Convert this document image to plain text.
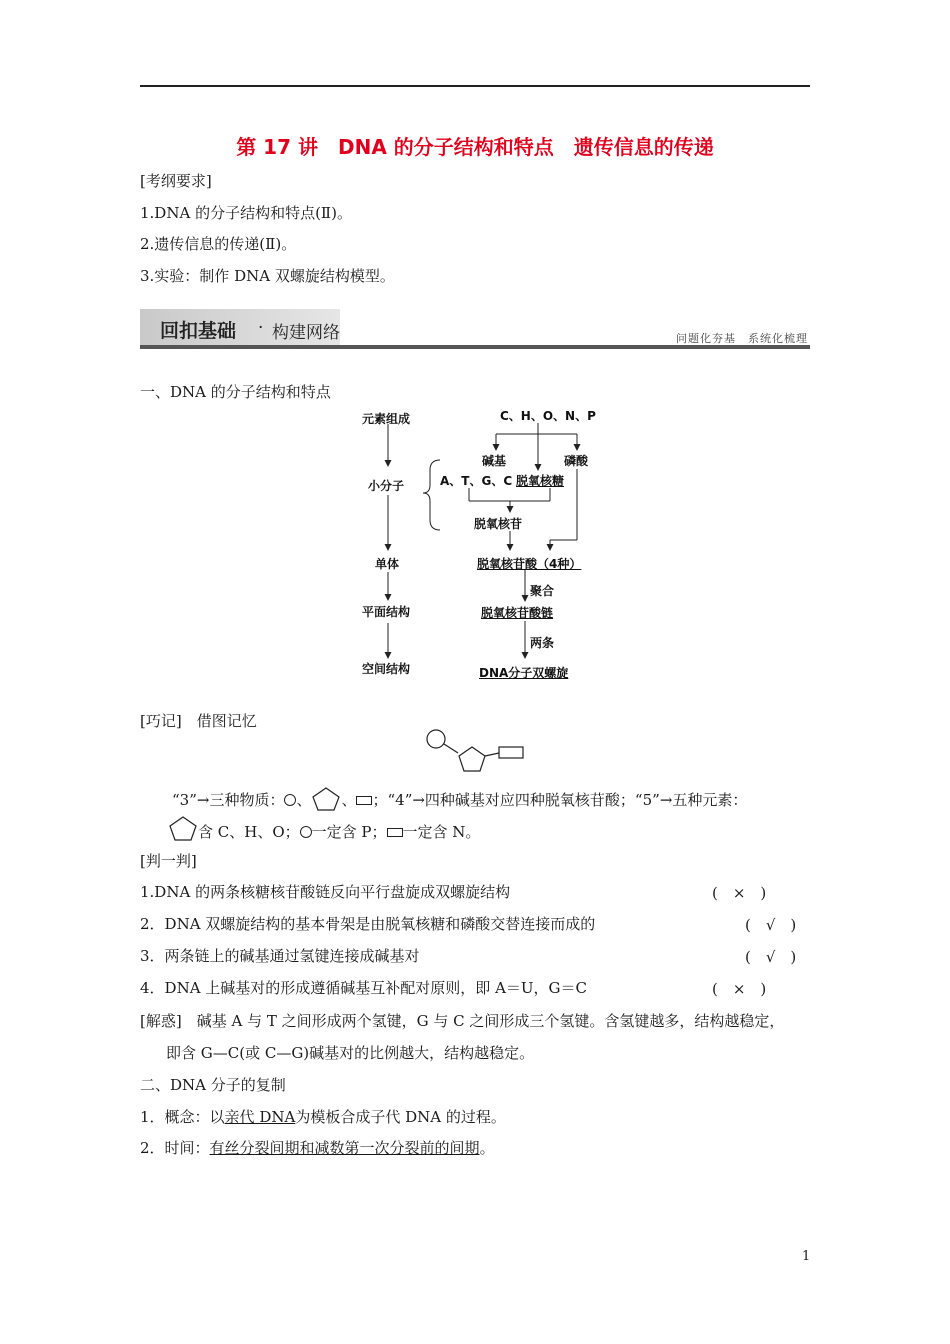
第 17 讲　DNA 的分子结构和特点　遗传信息的传递
[考纲要求]
1.DNA 的分子结构和特点(Ⅱ)。
2.遗传信息的传递(Ⅱ)。
3.实验：制作 DNA 双螺旋结构模型。
回扣基础 · 构建网络	问题化夯基　系统化梳理
一、DNA 的分子结构和特点
元素组成
小分子
单体
平面结构
空间结构
C、H、O、N、P
碱基	磷酸
A、T、G、C 脱氧核糖
脱氧核苷
脱氧核苷酸（4种）
聚合
脱氧核苷酸链
两条
DNA分子双螺旋
[巧记]　借图记忆
“3”→三种物质： 、 、 ；“4”→四种碱基对应四种脱氧核苷酸；“5”→五种元素：
含 C、H、O； 一定含 P； 一定含 N。
[判一判]
1.DNA 的两条核糖核苷酸链反向平行盘旋成双螺旋结构	(　×　)
2．DNA 双螺旋结构的基本骨架是由脱氧核糖和磷酸交替连接而成的	(　√　)
3．两条链上的碱基通过氢键连接成碱基对	(　√　)
4．DNA 上碱基对的形成遵循碱基互补配对原则，即 A＝U，G＝C	(　×　)
[解惑]　碱基 A 与 T 之间形成两个氢键，G 与 C 之间形成三个氢键。含氢键越多，结构越稳定，
即含 G—C(或 C—G)碱基对的比例越大，结构越稳定。
二、DNA 分子的复制
1．概念：以亲代 DNA为模板合成子代 DNA 的过程。
2．时间：有丝分裂间期和减数第一次分裂前的间期。
1
